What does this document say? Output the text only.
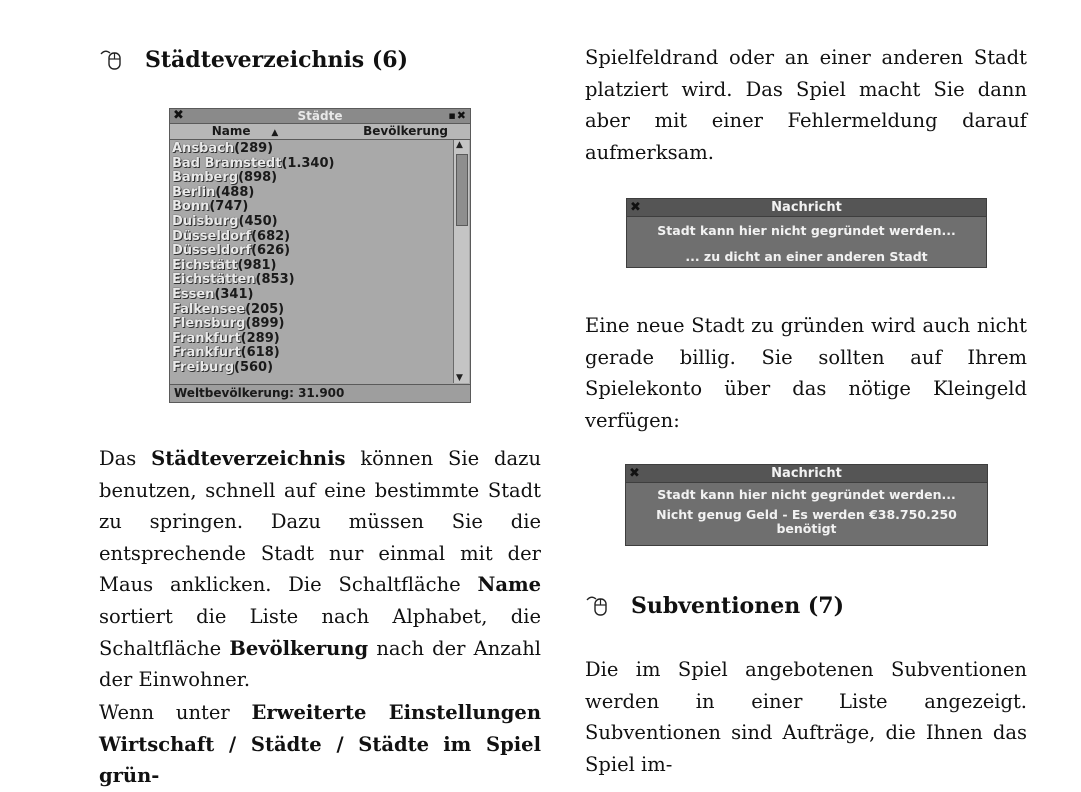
Städteverzeichnis (6)
✖	Städte	▪✖
Name ▲	Bevölkerung
Ansbach(289)
Bad Bramstedt(1.340)
Bamberg(898)
Berlin(488)
Bonn(747)
Duisburg(450)
Düsseldorf(682)
Düsseldorf(626)
Eichstätt(981)
Eichstätten(853)
Essen(341)
Falkensee(205)
Flensburg(899)
Frankfurt(289)
Frankfurt(618)
Freiburg(560)
▲
▼
Weltbevölkerung: 31.900

Das Städteverzeichnis können Sie dazu benutzen, schnell auf eine bestimmte Stadt zu springen. Dazu müssen Sie die entsprechende Stadt nur einmal mit der Maus anklicken. Die Schaltfläche Name sortiert die Liste nach Alphabet, die Schaltfläche Bevölkerung nach der Anzahl der Einwohner.

Wenn unter Erweiterte Einstellungen Wirtschaft / Städte / Städte im Spiel grün-

Spielfeldrand oder an einer anderen Stadt platziert wird. Das Spiel macht Sie dann aber mit einer Fehlermeldung darauf aufmerksam.

✖	Nachricht
Stadt kann hier nicht gegründet werden...
... zu dicht an einer anderen Stadt

Eine neue Stadt zu gründen wird auch nicht gerade billig. Sie sollten auf Ihrem Spielekonto über das nötige Kleingeld verfügen:

✖	Nachricht
Stadt kann hier nicht gegründet werden...
Nicht genug Geld - Es werden €38.750.250
benötigt
Subventionen (7)

Die im Spiel angebotenen Subventionen werden in einer Liste angezeigt. Subventionen sind Aufträge, die Ihnen das Spiel im-
